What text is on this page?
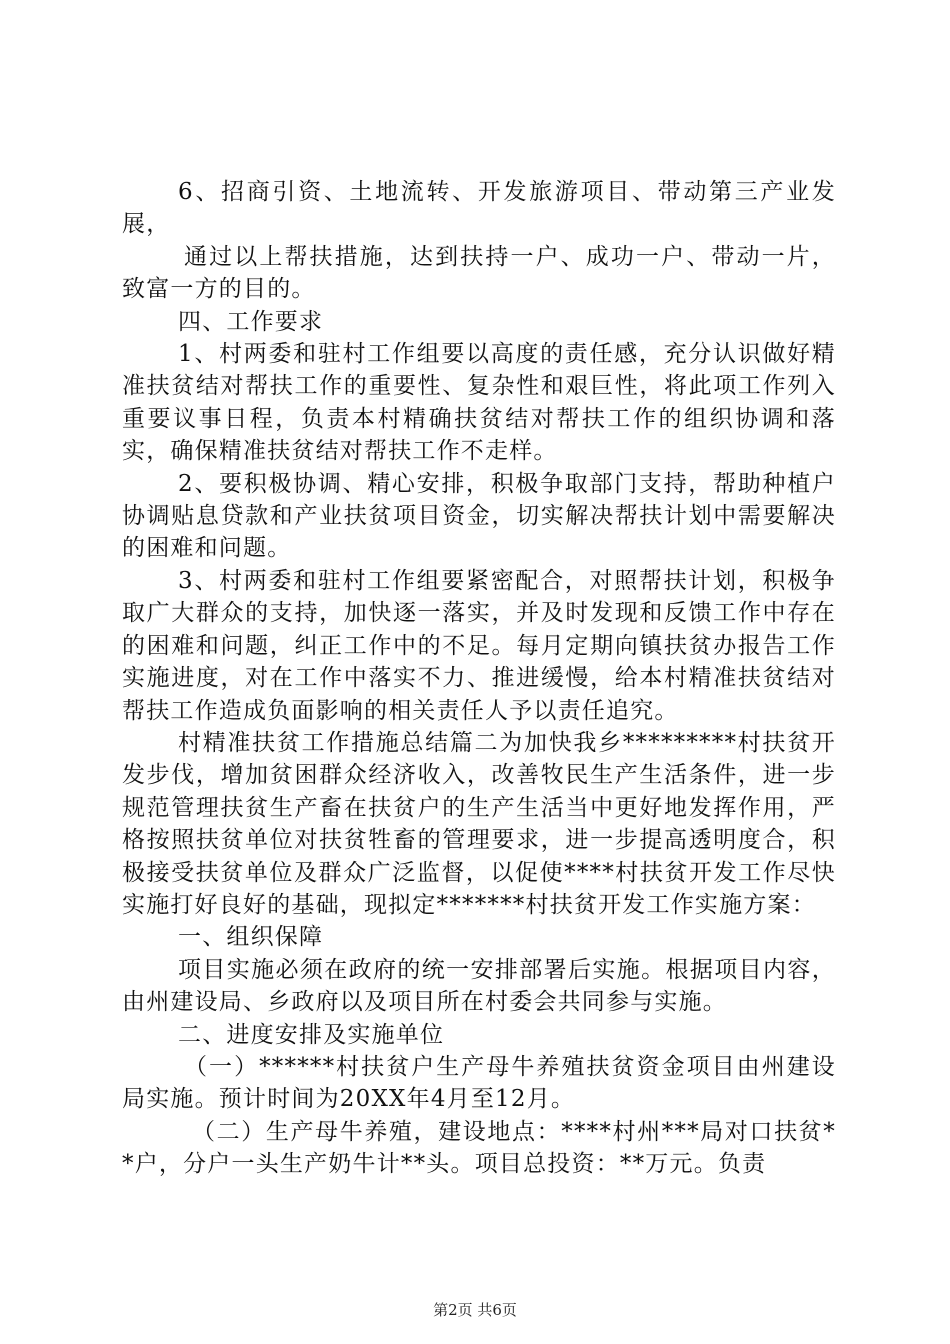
6、招商引资、土地流转、开发旅游项目、带动第三产业发展，

通过以上帮扶措施，达到扶持一户、成功一户、带动一片，致富一方的目的。

四、工作要求

1、村两委和驻村工作组要以高度的责任感，充分认识做好精准扶贫结对帮扶工作的重要性、复杂性和艰巨性，将此项工作列入重要议事日程，负责本村精确扶贫结对帮扶工作的组织协调和落实，确保精准扶贫结对帮扶工作不走样。

2、要积极协调、精心安排，积极争取部门支持，帮助种植户协调贴息贷款和产业扶贫项目资金，切实解决帮扶计划中需要解决的困难和问题。

3、村两委和驻村工作组要紧密配合，对照帮扶计划，积极争取广大群众的支持，加快逐一落实，并及时发现和反馈工作中存在的困难和问题，纠正工作中的不足。每月定期向镇扶贫办报告工作实施进度，对在工作中落实不力、推进缓慢，给本村精准扶贫结对帮扶工作造成负面影响的相关责任人予以责任追究。

村精准扶贫工作措施总结篇二为加快我乡*********村扶贫开发步伐，增加贫困群众经济收入，改善牧民生产生活条件，进一步规范管理扶贫生产畜在扶贫户的生产生活当中更好地发挥作用，严格按照扶贫单位对扶贫牲畜的管理要求，进一步提高透明度合，积极接受扶贫单位及群众广泛监督，以促使****村扶贫开发工作尽快实施打好良好的基础，现拟定*******村扶贫开发工作实施方案：

一、组织保障

项目实施必须在政府的统一安排部署后实施。根据项目内容，由州建设局、乡政府以及项目所在村委会共同参与实施。

二、进度安排及实施单位

（一）******村扶贫户生产母牛养殖扶贫资金项目由州建设局实施。预计时间为20XX年4月至12月。

（二）生产母牛养殖，建设地点：****村州***局对口扶贫**户，分户一头生产奶牛计**头。项目总投资：**万元。负责

第2页 共6页
